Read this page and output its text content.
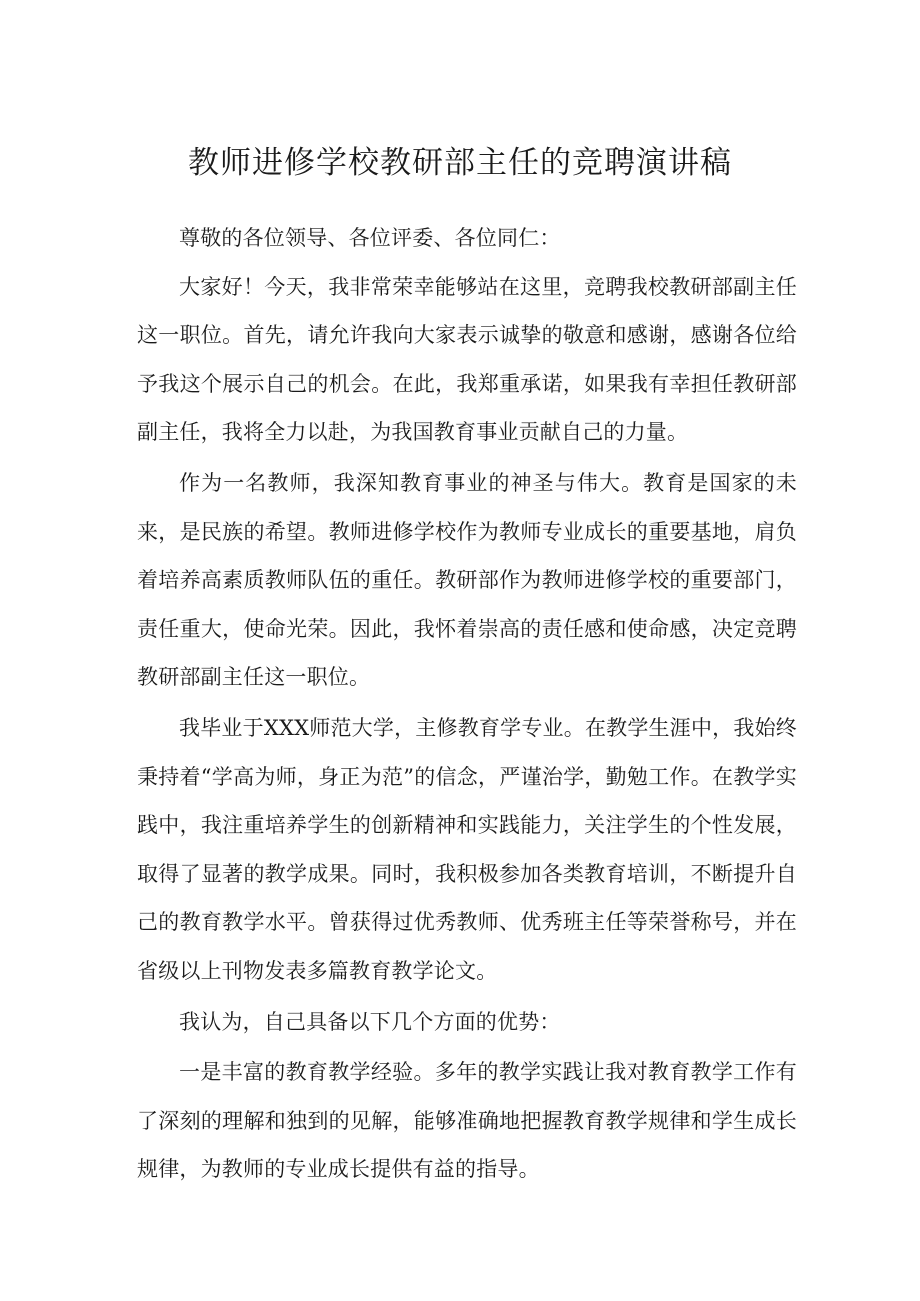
教师进修学校教研部主任的竞聘演讲稿

尊敬的各位领导、各位评委、各位同仁：

大家好！今天，我非常荣幸能够站在这里，竞聘我校教研部副主任这一职位。首先，请允许我向大家表示诚挚的敬意和感谢，感谢各位给予我这个展示自己的机会。在此，我郑重承诺，如果我有幸担任教研部副主任，我将全力以赴，为我国教育事业贡献自己的力量。

作为一名教师，我深知教育事业的神圣与伟大。教育是国家的未来，是民族的希望。教师进修学校作为教师专业成长的重要基地，肩负着培养高素质教师队伍的重任。教研部作为教师进修学校的重要部门，责任重大，使命光荣。因此，我怀着崇高的责任感和使命感，决定竞聘教研部副主任这一职位。

我毕业于XXX师范大学，主修教育学专业。在教学生涯中，我始终秉持着“学高为师，身正为范”的信念，严谨治学，勤勉工作。在教学实践中，我注重培养学生的创新精神和实践能力，关注学生的个性发展，取得了显著的教学成果。同时，我积极参加各类教育培训，不断提升自己的教育教学水平。曾获得过优秀教师、优秀班主任等荣誉称号，并在省级以上刊物发表多篇教育教学论文。

我认为，自己具备以下几个方面的优势：

一是丰富的教育教学经验。多年的教学实践让我对教育教学工作有了深刻的理解和独到的见解，能够准确地把握教育教学规律和学生成长规律，为教师的专业成长提供有益的指导。
